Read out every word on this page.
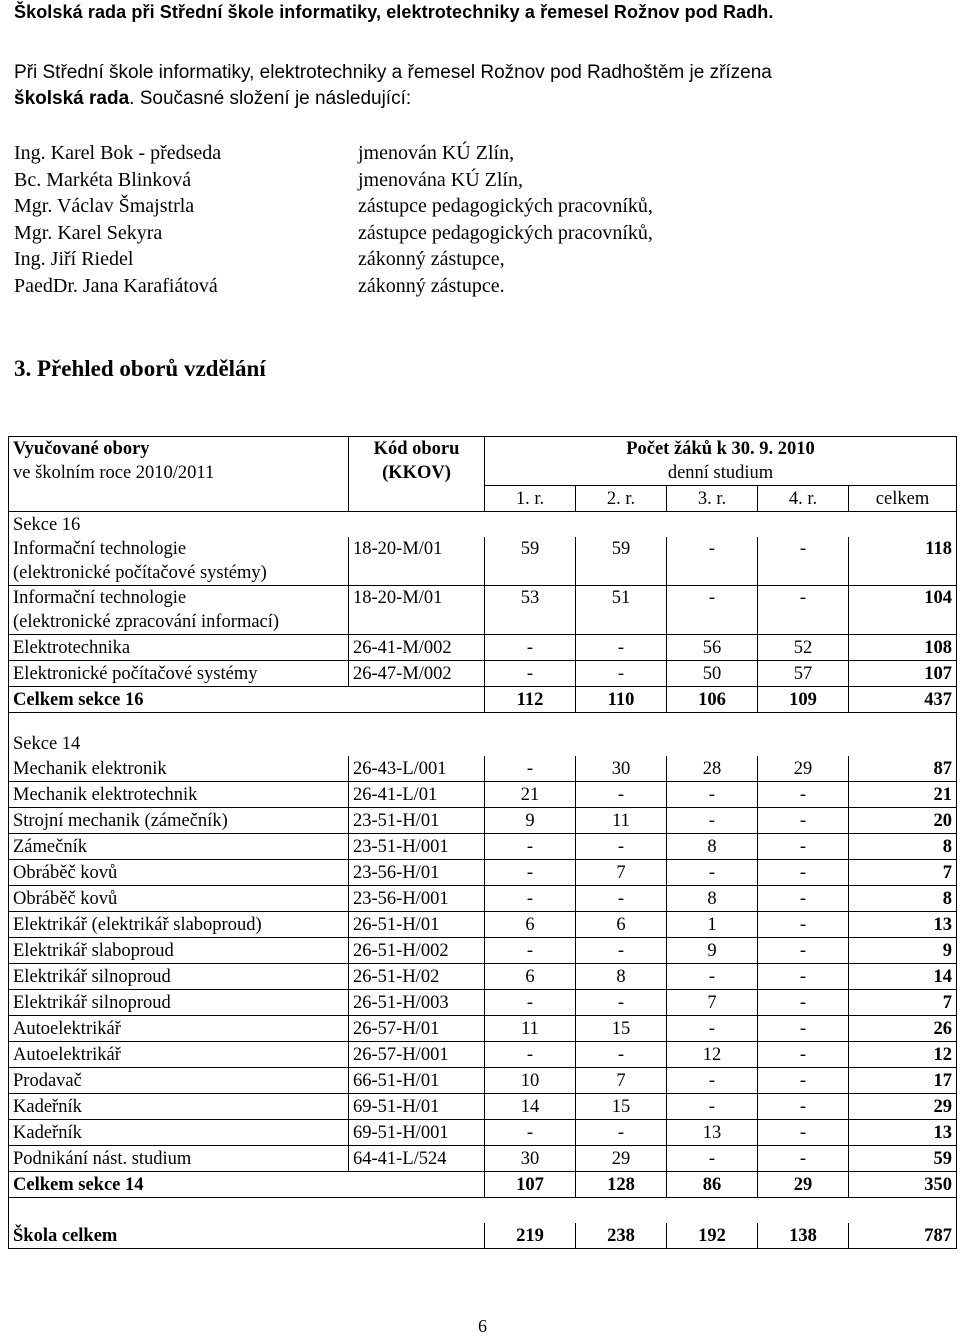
Školská rada při Střední škole informatiky, elektrotechniky a řemesel Rožnov pod Radh.
Při Střední škole informatiky, elektrotechniky a řemesel Rožnov pod Radhoštěm je zřízena
školská rada. Současné složení je následující:
Ing. Karel Bok - předseda	jmenován KÚ Zlín,
Bc. Markéta Blinková	jmenována KÚ Zlín,
Mgr. Václav Šmajstrla	zástupce pedagogických pracovníků,
Mgr. Karel Sekyra	zástupce pedagogických pracovníků,
Ing. Jiří Riedel	zákonný zástupce,
PaedDr. Jana Karafiátová	zákonný zástupce.
3. Přehled oborů vzdělání
Vyučované obory
ve školním roce 2010/2011	Kód oboru
(KKOV)	Počet žáků k 30. 9. 2010
denní studium				
		1. r.	2. r.	3. r.	4. r.	celkem
Sekce 16						
Informační technologie
(elektronické počítačové systémy)	18-20-M/01	59	59	-	-	118
Informační technologie
(elektronické zpracování informací)	18-20-M/01	53	51	-	-	104
Elektrotechnika	26-41-M/002	-	-	56	52	108
Elektronické počítačové systémy	26-47-M/002	-	-	50	57	107
Celkem sekce 16		112	110	106	109	437

Sekce 14						
Mechanik elektronik	26-43-L/001	-	30	28	29	87
Mechanik elektrotechnik	26-41-L/01	21	-	-	-	21
Strojní mechanik (zámečník)	23-51-H/01	9	11	-	-	20
Zámečník	23-51-H/001	-	-	8	-	8
Obráběč kovů	23-56-H/01	-	7	-	-	7
Obráběč kovů	23-56-H/001	-	-	8	-	8
Elektrikář (elektrikář slaboproud)	26-51-H/01	6	6	1	-	13
Elektrikář slaboproud	26-51-H/002	-	-	9	-	9
Elektrikář silnoproud	26-51-H/02	6	8	-	-	14
Elektrikář silnoproud	26-51-H/003	-	-	7	-	7
Autoelektrikář	26-57-H/01	11	15	-	-	26
Autoelektrikář	26-57-H/001	-	-	12	-	12
Prodavač	66-51-H/01	10	7	-	-	17
Kadeřník	69-51-H/01	14	15	-	-	29
Kadeřník	69-51-H/001	-	-	13	-	13
Podnikání nást. studium	64-41-L/524	30	29	-	-	59
Celkem sekce 14		107	128	86	29	350

Škola celkem		219	238	192	138	787
6
